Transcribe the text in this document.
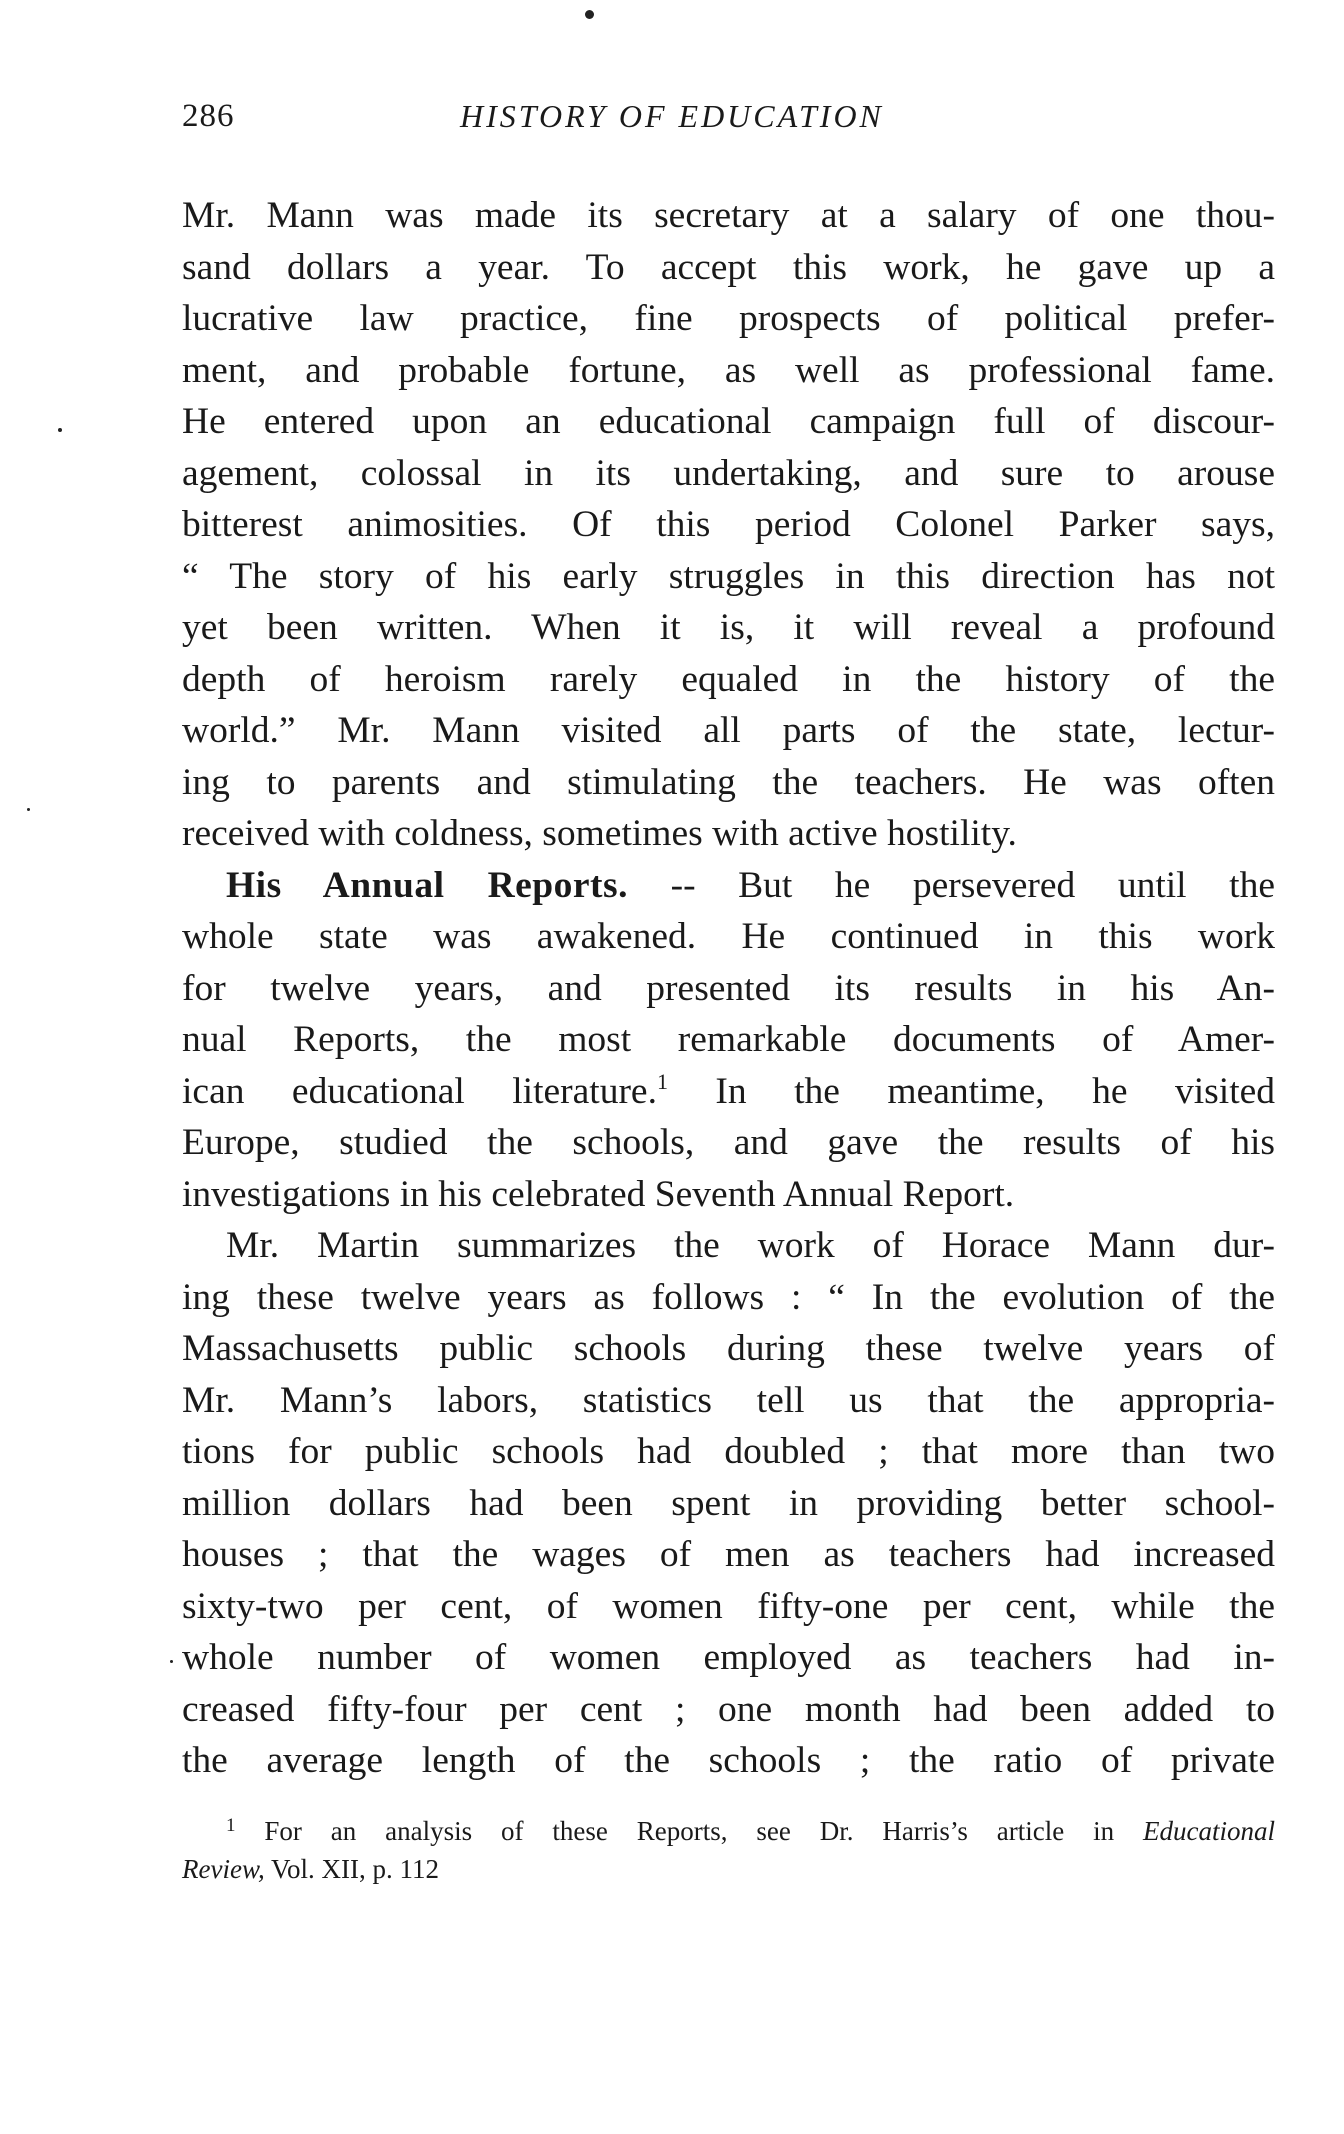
286	HISTORY OF EDUCATION
Mr. Mann was made its secretary at a salary of one thou-
sand dollars a year. To accept this work, he gave up a
lucrative law practice, fine prospects of political prefer-
ment, and probable fortune, as well as professional fame.
He entered upon an educational campaign full of discour-
agement, colossal in its undertaking, and sure to arouse
bitterest animosities. Of this period Colonel Parker says,
“ The story of his early struggles in this direction has not
yet been written. When it is, it will reveal a profound
depth of heroism rarely equaled in the history of the
world.” Mr. Mann visited all parts of the state, lectur-
ing to parents and stimulating the teachers. He was often
received with coldness, sometimes with active hostility.
His Annual Reports. -- But he persevered until the
whole state was awakened. He continued in this work
for twelve years, and presented its results in his An-
nual Reports, the most remarkable documents of Amer-
ican educational literature.$^1$ In the meantime, he visited
Europe, studied the schools, and gave the results of his
investigations in his celebrated Seventh Annual Report.
Mr. Martin summarizes the work of Horace Mann dur-
ing these twelve years as follows : “ In the evolution of the
Massachusetts public schools during these twelve years of
Mr. Mann’s labors, statistics tell us that the appropria-
tions for public schools had doubled ; that more than two
million dollars had been spent in providing better school-
houses ; that the wages of men as teachers had increased
sixty-two per cent, of women fifty-one per cent, while the
whole number of women employed as teachers had in-
creased fifty-four per cent ; one month had been added to
the average length of the schools ; the ratio of private
$^1$ For an analysis of these Reports, see Dr. Harris’s article in Educational
Review, Vol. XII, p. 112
